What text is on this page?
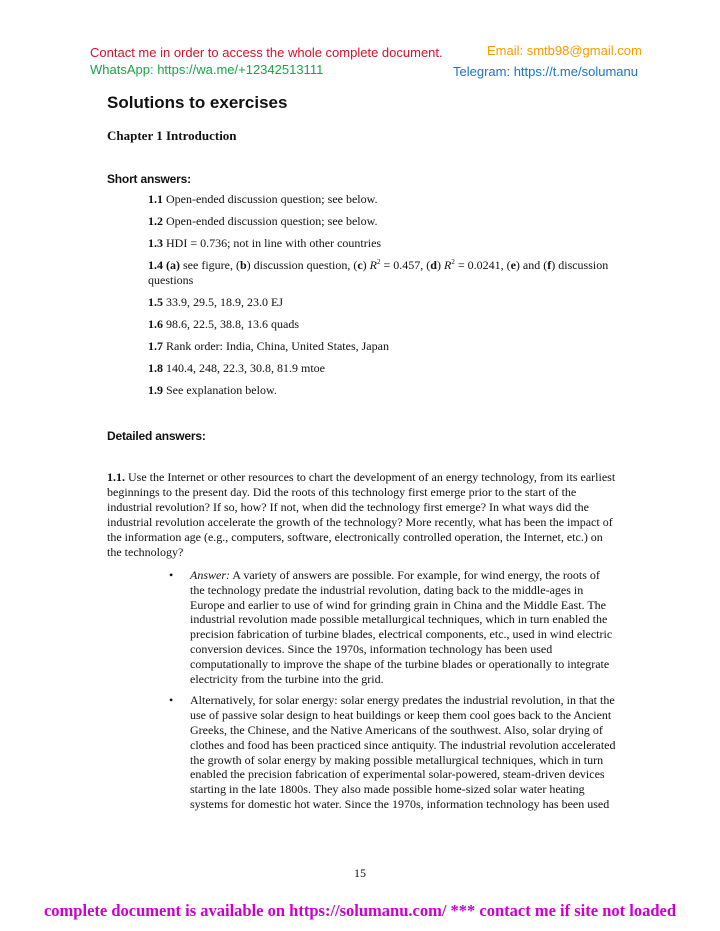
Contact me in order to access the whole complete document.	Email: smtb98@gmail.com
WhatsApp: https://wa.me/+12342513111	Telegram: https://t.me/solumanu
Solutions to exercises
Chapter 1 Introduction
Short answers:
1.1 Open-ended discussion question; see below.
1.2 Open-ended discussion question; see below.
1.3 HDI = 0.736; not in line with other countries
1.4 (a) see figure, (b) discussion question, (c) $R^2 = 0.457$, (d) $R^2 = 0.0241$, (e) and (f) discussion questions
1.5 33.9, 29.5, 18.9, 23.0 EJ
1.6 98.6, 22.5, 38.8, 13.6 quads
1.7 Rank order: India, China, United States, Japan
1.8 140.4, 248, 22.3, 30.8, 81.9 mtoe
1.9 See explanation below.
Detailed answers:
1.1. Use the Internet or other resources to chart the development of an energy technology, from its earliest beginnings to the present day. Did the roots of this technology first emerge prior to the start of the industrial revolution? If so, how? If not, when did the technology first emerge? In what ways did the industrial revolution accelerate the growth of the technology? More recently, what has been the impact of the information age (e.g., computers, software, electronically controlled operation, the Internet, etc.) on the technology?
• Answer: A variety of answers are possible. For example, for wind energy, the roots of the technology predate the industrial revolution, dating back to the middle-ages in Europe and earlier to use of wind for grinding grain in China and the Middle East. The industrial revolution made possible metallurgical techniques, which in turn enabled the precision fabrication of turbine blades, electrical components, etc., used in wind electric conversion devices. Since the 1970s, information technology has been used computationally to improve the shape of the turbine blades or operationally to integrate electricity from the turbine into the grid.
• Alternatively, for solar energy: solar energy predates the industrial revolution, in that the use of passive solar design to heat buildings or keep them cool goes back to the Ancient Greeks, the Chinese, and the Native Americans of the southwest. Also, solar drying of clothes and food has been practiced since antiquity. The industrial revolution accelerated the growth of solar energy by making possible metallurgical techniques, which in turn enabled the precision fabrication of experimental solar-powered, steam-driven devices starting in the late 1800s. They also made possible home-sized solar water heating systems for domestic hot water. Since the 1970s, information technology has been used
15
complete document is available on https://solumanu.com/ *** contact me if site not loaded
